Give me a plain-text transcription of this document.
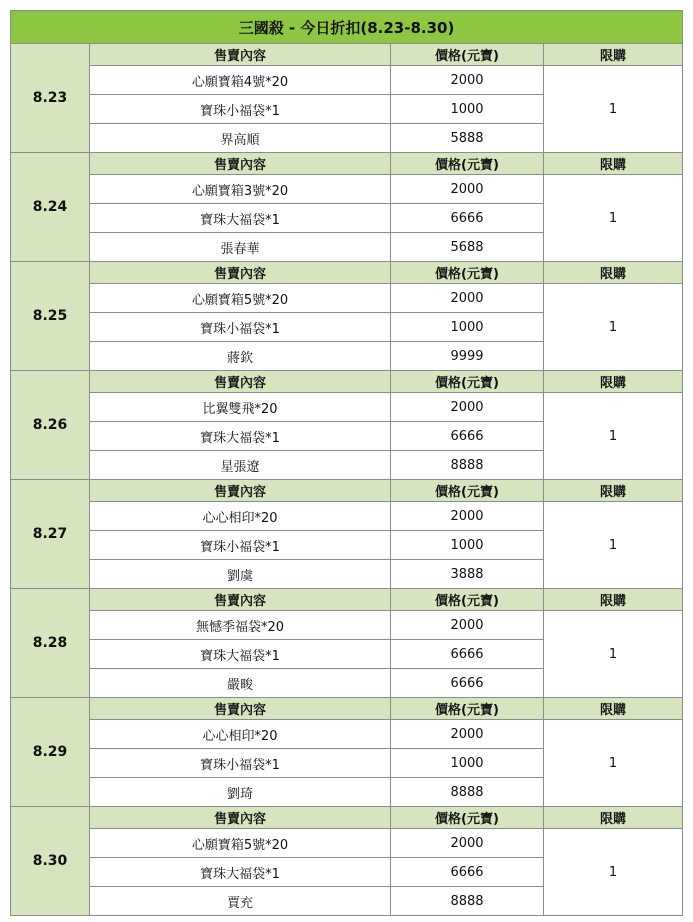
三國殺 - 今日折扣(8.23-8.30)			
8.23	售賣內容	價格(元寶)	限購
	心願寶箱4號*20	2000	1
	寶珠小福袋*1	1000	
	界高順	5888	
8.24	售賣內容	價格(元寶)	限購
	心願寶箱3號*20	2000	1
	寶珠大福袋*1	6666	
	張春華	5688	
8.25	售賣內容	價格(元寶)	限購
	心願寶箱5號*20	2000	1
	寶珠小福袋*1	1000	
	蔣欽	9999	
8.26	售賣內容	價格(元寶)	限購
	比翼雙飛*20	2000	1
	寶珠大福袋*1	6666	
	星張遼	8888	
8.27	售賣內容	價格(元寶)	限購
	心心相印*20	2000	1
	寶珠小福袋*1	1000	
	劉虞	3888	
8.28	售賣內容	價格(元寶)	限購
	無憾季福袋*20	2000	1
	寶珠大福袋*1	6666	
	嚴畯	6666	
8.29	售賣內容	價格(元寶)	限購
	心心相印*20	2000	1
	寶珠小福袋*1	1000	
	劉琦	8888	
8.30	售賣內容	價格(元寶)	限購
	心願寶箱5號*20	2000	1
	寶珠大福袋*1	6666	
	賈充	8888	
